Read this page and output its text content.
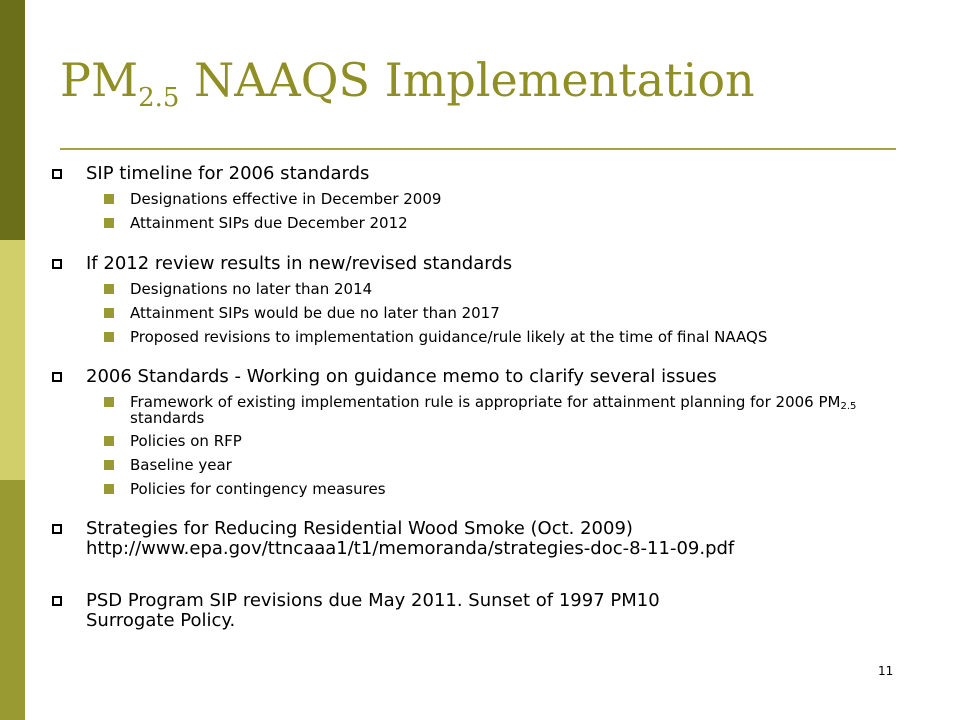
$PM_{2.5}$ NAAQS Implementation
SIP timeline for 2006 standards
Designations effective in December 2009
Attainment SIPs due December 2012
If 2012 review results in new/revised standards
Designations no later than 2014
Attainment SIPs would be due no later than 2017
Proposed revisions to implementation guidance/rule likely at the time of final NAAQS
2006 Standards - Working on guidance memo to clarify several issues
Framework of existing implementation rule is appropriate for attainment planning for 2006 $PM_{2.5}$ standards
Policies on RFP
Baseline year
Policies for contingency measures
Strategies for Reducing Residential Wood Smoke (Oct. 2009)
http://www.epa.gov/ttncaaa1/t1/memoranda/strategies-doc-8-11-09.pdf
PSD Program SIP revisions due May 2011. Sunset of 1997 PM10
Surrogate Policy.
11
